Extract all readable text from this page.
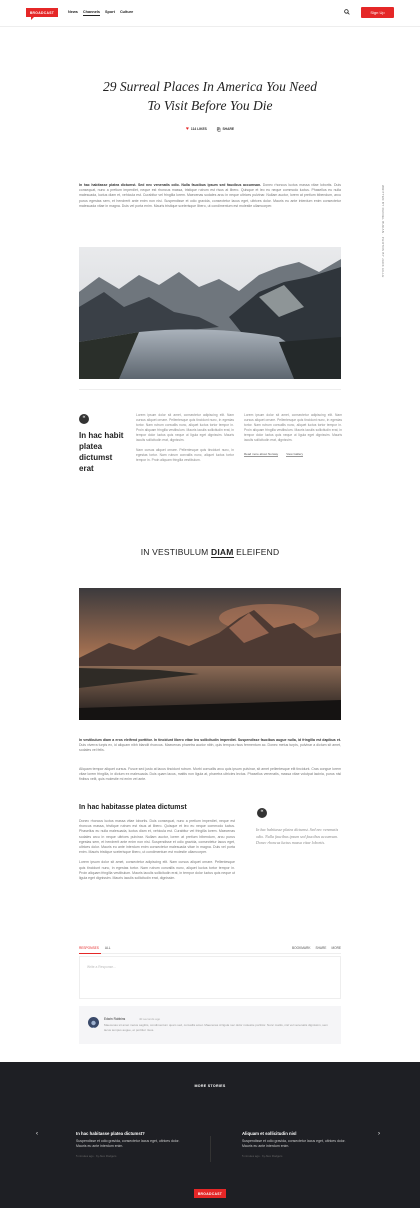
BROADCAST	News Channels Sport Culture	Sign Up
29 Surreal Places In America You Need
To Visit Before You Die
♥ 114 LIKES ⎘ SHARE
WRITTEN BY DANIEL BUCAN · PHOTOS BY JACK AILLE

In hac habitasse platea dictumst. Sed nec venenatis odio. Nulla faucibus ipsum sed faucibus accumsan. Donec rhoncus luctus massa vitae lobortis. Duis consequat, nunc a pretium imperdiet, neque est rhoncus massa, tristique rutrum est risus at libero. Quisque et leo eu neque commodo luctus. Phasellus eu nulla malesuada, luctus diam et, vehicula est. Curabitur vel fringilla lorem. Maecenas sodales arcu in neque ultrices pulvinar. Nullam auctor, lorem at pretium bibendum, arcu purus egestas sem, et hendrerit ante enim non nisi. Suspendisse et odio gravida, consectetur lacus eget, ultrices dolor. Mauris eu ante interdum enim consectetur malesuada vitae in magna. Duis vel porta enim. Mauris tristique scelerisque libero, ut condimentum est molestie ullamcorper.

“
In hac habit platea dictumst erat

Lorem ipsum dolor sit amet, consectetur adipiscing elit. Nam cursus aliquet ornare. Pellentesque quis tincidunt nunc, in egestas tortor. Nam rutrum convallis nunc, aliquet luctus tortor tempor in. Proin aliquam fringilla vestibulum. Mauris iaculis sollicitudin erat, in tempor dolor luctus quis neque ut ligula eget dignissim. Mauris iaculis sollicitudin erat, dignissim.

Nam cursus aliquet ornare. Pellentesque quis tincidunt nunc, in egestas tortor. Nam rutrum convallis nunc, aliquet luctus tortor tempor in. Proin aliquam fringilla vestibulum.

Lorem ipsum dolor sit amet, consectetur adipiscing elit. Nam cursus aliquet ornare. Pellentesque quis tincidunt nunc, in egestas tortor. Nam rutrum convallis nunc, aliquet luctus tortor tempor in. Proin aliquam fringilla vestibulum. Mauris iaculis sollicitudin erat, in tempor dolor luctus quis neque ut ligula eget dignissim. Mauris iaculis sollicitudin erat, dignissim.

Read more about Norway	View Gallery
IN VESTIBULUM DIAM ELEIFEND

In vestibulum diam a eros eleifend porttitor. In tincidunt libero vitae leo sollicitudin imperdiet. Suspendisse faucibus augue nulla, id fringilla est dapibus et. Duis viverra turpis ex, id aliquam nibh blandit rhoncus. Maecenas pharetra auctor nibh, quis tempus risus fermentum ac. Donec metus turpis, pulvinar a dictum sit amet, sodales vel felis.

Aliquam tempor aliquet cursus. Fusce sed justo at lacus tincidunt rutrum. Morbi convallis arcu quis ipsum pulvinar, sit amet pellentesque elit tincidunt. Cras congue lorem vitae lorem fringilla, in dictum ex malesuada. Duis quam lacus, mattis non ligula at, pharetra ultricies lectus. Phasellus venenatis, massa vitae volutpat lacinia, purus nisl finibus velit, quis molestie mi enim vel ante.

In hac habitasse platea dictumst

Donec rhoncus luctus massa vitae lobortis. Duis consequat, nunc a pretium imperdiet, neque est rhoncus massa, tristique rutrum est risus at libero. Quisque et leo eu neque commodo luctus. Phasellus eu nulla malesuada, luctus diam et, vehicula est. Curabitur vel fringilla lorem. Maecenas sodales arcu in neque ultrices pulvinar. Nullam auctor, lorem at pretium bibendum, arcu purus egestas sem, et hendrerit ante enim non nisi. Suspendisse et odio gravida, consectetur lacus eget, ultrices dolor. Mauris eu ante interdum enim consectetur malesuada vitae in magna. Duis vel porta enim. Mauris tristique scelerisque libero, ut condimentum est molestie ullamcorper.

Lorem ipsum dolor sit amet, consectetur adipiscing elit. Nam cursus aliquet ornare. Pellentesque quis tincidunt nunc, in egestas tortor. Nam rutrum convallis nunc, aliquet luctus tortor tempor in. Proin aliquam fringilla vestibulum. Mauris iaculis sollicitudin erat, in tempor dolor luctus quis neque ut ligula eget dignissim. Mauris iaculis sollicitudin erat, dignissim.

“
In hac habitasse platea dictumst. Sed nec venenatis odio. Nulla faucibus ipsum sed faucibus accumsan. Donec rhoncus luctus massa vitae lobortis.
RESPONSES ALL	BOOKMARK SHARE MORE
Write a Response...
Edwin Robbins	40 seconds ago

Maecenas sit amet metus sagittis, condimentum quam sed, convallis amet. Maecenas id ligula nec dolor molestie porttitor. Nunc mattis, nisl vel venenatis dignissim, sem lacus tempus augue, et porttitor risus.

MORE STORIES
‹	›
In hac habitasse platea dictumst?
Suspendisse et odio gravida, consectetur lacus eget, ultrices dolor. Mauris eu ante interdum enim.
5 minutes ago · by Alex Rodgers
Aliquam et sollicitudin nisl
Suspendisse et odio gravida, consectetur lacus eget, ultrices dolor. Mauris eu ante interdum enim.
5 minutes ago · by Alex Rodgers
BROADCAST
